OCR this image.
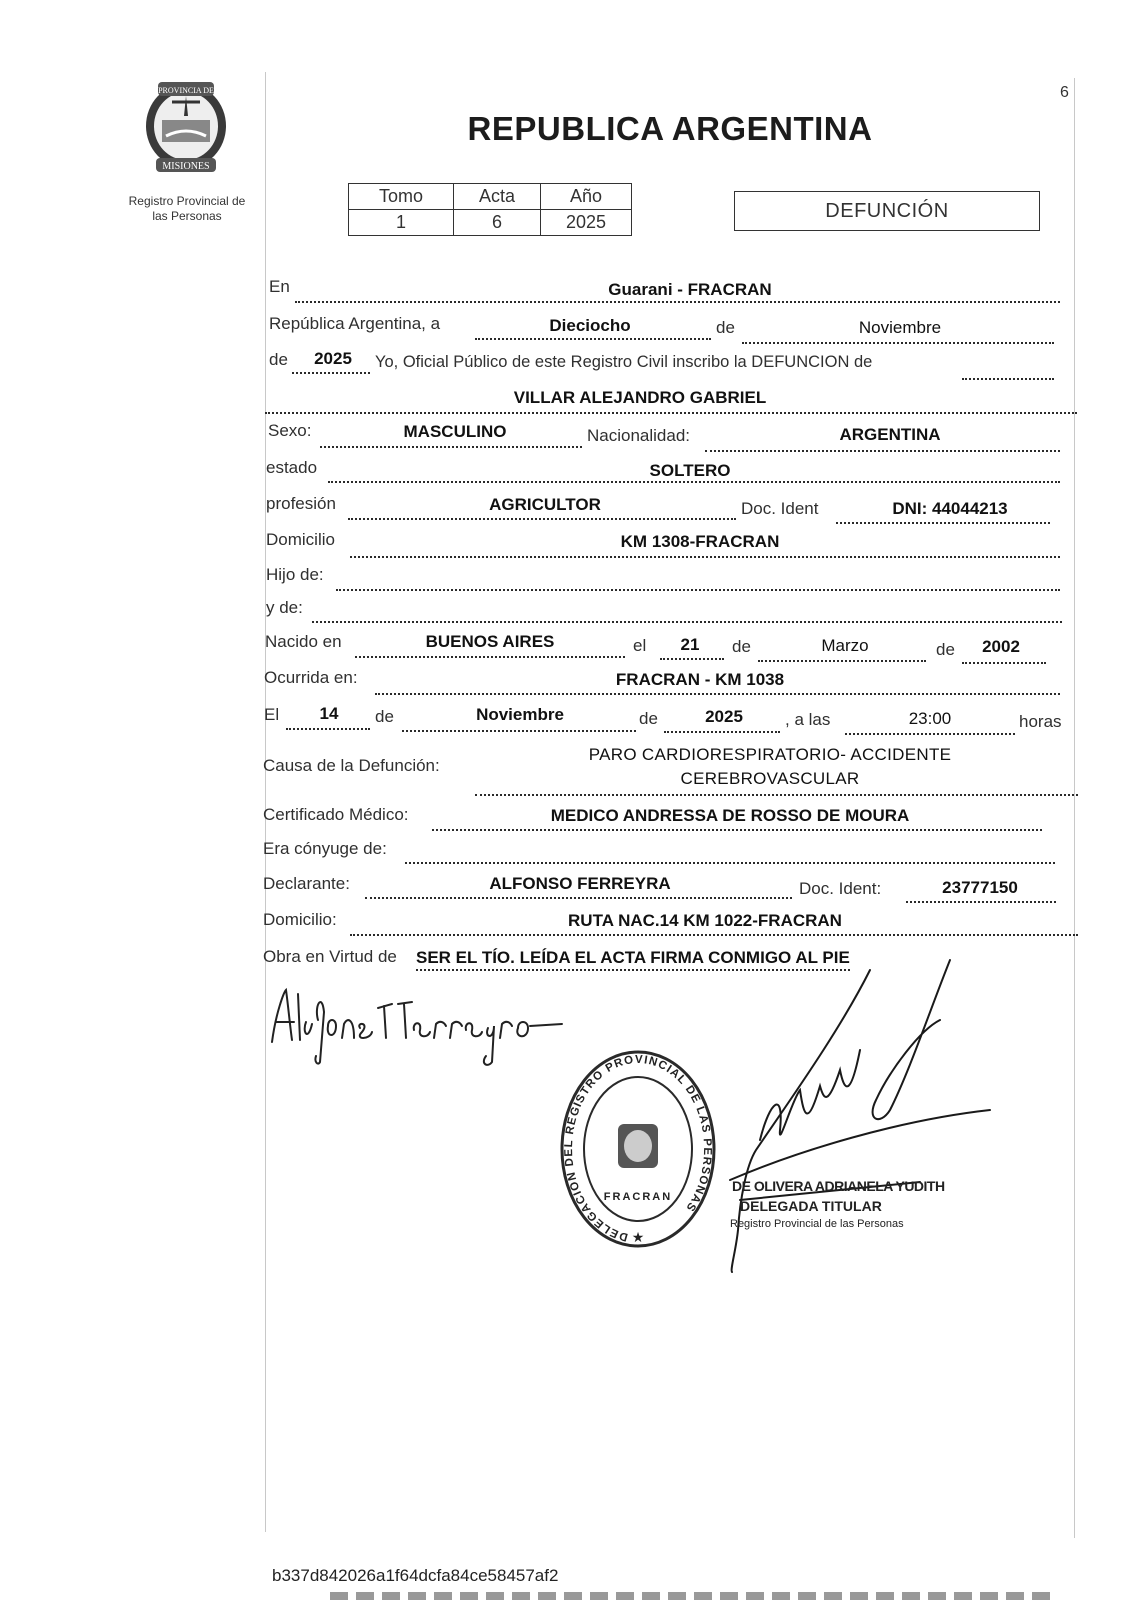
PROVINCIA DE
MISIONES
Registro Provincial de
las Personas
REPUBLICA ARGENTINA
6
Tomo	Acta	Año
1	6	2025
DEFUNCIÓN
En	Guarani - FRACRAN
República Argentina, a	Dieciocho	de	Noviembre
de	2025	Yo, Oficial Público de este Registro Civil inscribo la DEFUNCION de
VILLAR ALEJANDRO GABRIEL
Sexo:	MASCULINO	Nacionalidad:	ARGENTINA
estado	SOLTERO
profesión	AGRICULTOR	Doc. Ident	DNI: 44044213
Domicilio	KM 1308-FRACRAN
Hijo de:
y de:
Nacido en	BUENOS AIRES	el	21	de	Marzo	de	2002
Ocurrida en:	FRACRAN - KM 1038
El	14	de	Noviembre	de	2025	, a las	23:00	horas
Causa de la Defunción:
PARO CARDIORESPIRATORIO- ACCIDENTE
CEREBROVASCULAR
Certificado Médico:	MEDICO ANDRESSA DE ROSSO DE MOURA
Era cónyuge de:
Declarante:	ALFONSO FERREYRA	Doc. Ident:	23777150
Domicilio:	RUTA NAC.14 KM 1022-FRACRAN
Obra en Virtud de SER EL TÍO. LEÍDA EL ACTA FIRMA CONMIGO AL PIE
DELEGACION DEL REGISTRO PROVINCIAL DE LAS PERSONAS
FRACRAN
★
DE OLIVERA ADRIANELA YUDITH
DELEGADA TITULAR
Registro Provincial de las Personas
b337d842026a1f64dcfa84ce58457af2
